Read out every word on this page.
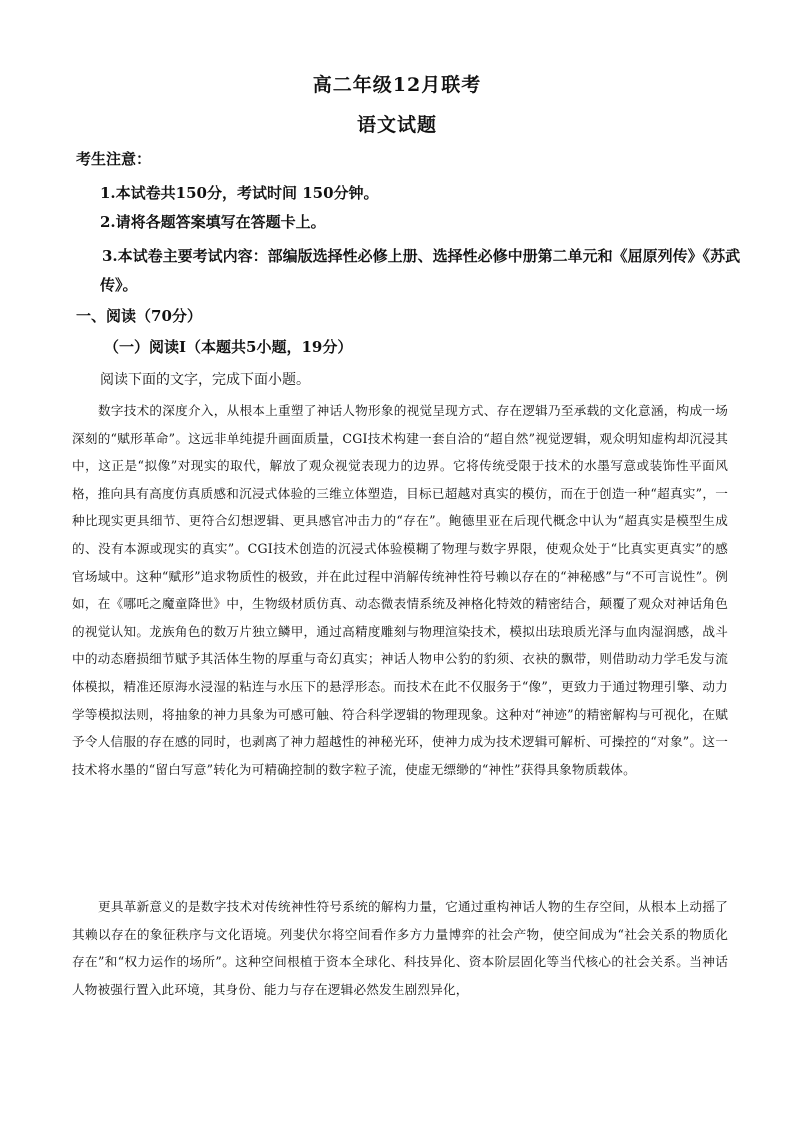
高二年级12月联考
语文试题
考生注意：
1.本试卷共150分，考试时间 150分钟。
2.请将各题答案填写在答题卡上。
3.本试卷主要考试内容：部编版选择性必修上册、选择性必修中册第二单元和《屈原列传》《苏武传》。
一、阅读（70分）
（一）阅读Ⅰ（本题共5小题，19分）
阅读下面的文字，完成下面小题。
数字技术的深度介入，从根本上重塑了神话人物形象的视觉呈现方式、存在逻辑乃至承载的文化意涵，构成一场深刻的“赋形革命”。这远非单纯提升画面质量，CGI技术构建一套自洽的“超自然”视觉逻辑，观众明知虚构却沉浸其中，这正是“拟像”对现实的取代，解放了观众视觉表现力的边界。它将传统受限于技术的水墨写意或装饰性平面风格，推向具有高度仿真质感和沉浸式体验的三维立体塑造，目标已超越对真实的模仿，而在于创造一种“超真实”，一种比现实更具细节、更符合幻想逻辑、更具感官冲击力的“存在”。鲍德里亚在后现代概念中认为“超真实是模型生成的、没有本源或现实的真实”。CGI技术创造的沉浸式体验模糊了物理与数字界限，使观众处于“比真实更真实”的感官场域中。这种“赋形”追求物质性的极致，并在此过程中消解传统神性符号赖以存在的“神秘感”与“不可言说性”。例如，在《哪吒之魔童降世》中，生物级材质仿真、动态微表情系统及神格化特效的精密结合，颠覆了观众对神话角色的视觉认知。龙族角色的数万片独立鳞甲，通过高精度雕刻与物理渲染技术，模拟出珐琅质光泽与血肉湿润感，战斗中的动态磨损细节赋予其活体生物的厚重与奇幻真实；神话人物申公豹的豹须、衣袂的飘带，则借助动力学毛发与流体模拟，精准还原海水浸湿的粘连与水压下的悬浮形态。而技术在此不仅服务于“像”，更致力于通过物理引擎、动力学等模拟法则，将抽象的神力具象为可感可触、符合科学逻辑的物理现象。这种对“神迹”的精密解构与可视化，在赋予令人信服的存在感的同时，也剥离了神力超越性的神秘光环，使神力成为技术逻辑可解析、可操控的“对象”。这一技术将水墨的“留白写意”转化为可精确控制的数字粒子流，使虚无缥缈的“神性”获得具象物质载体。
更具革新意义的是数字技术对传统神性符号系统的解构力量，它通过重构神话人物的生存空间，从根本上动摇了其赖以存在的象征秩序与文化语境。列斐伏尔将空间看作多方力量博弈的社会产物，使空间成为“社会关系的物质化存在”和“权力运作的场所”。这种空间根植于资本全球化、科技异化、资本阶层固化等当代核心的社会关系。当神话人物被强行置入此环境，其身份、能力与存在逻辑必然发生剧烈异化，
